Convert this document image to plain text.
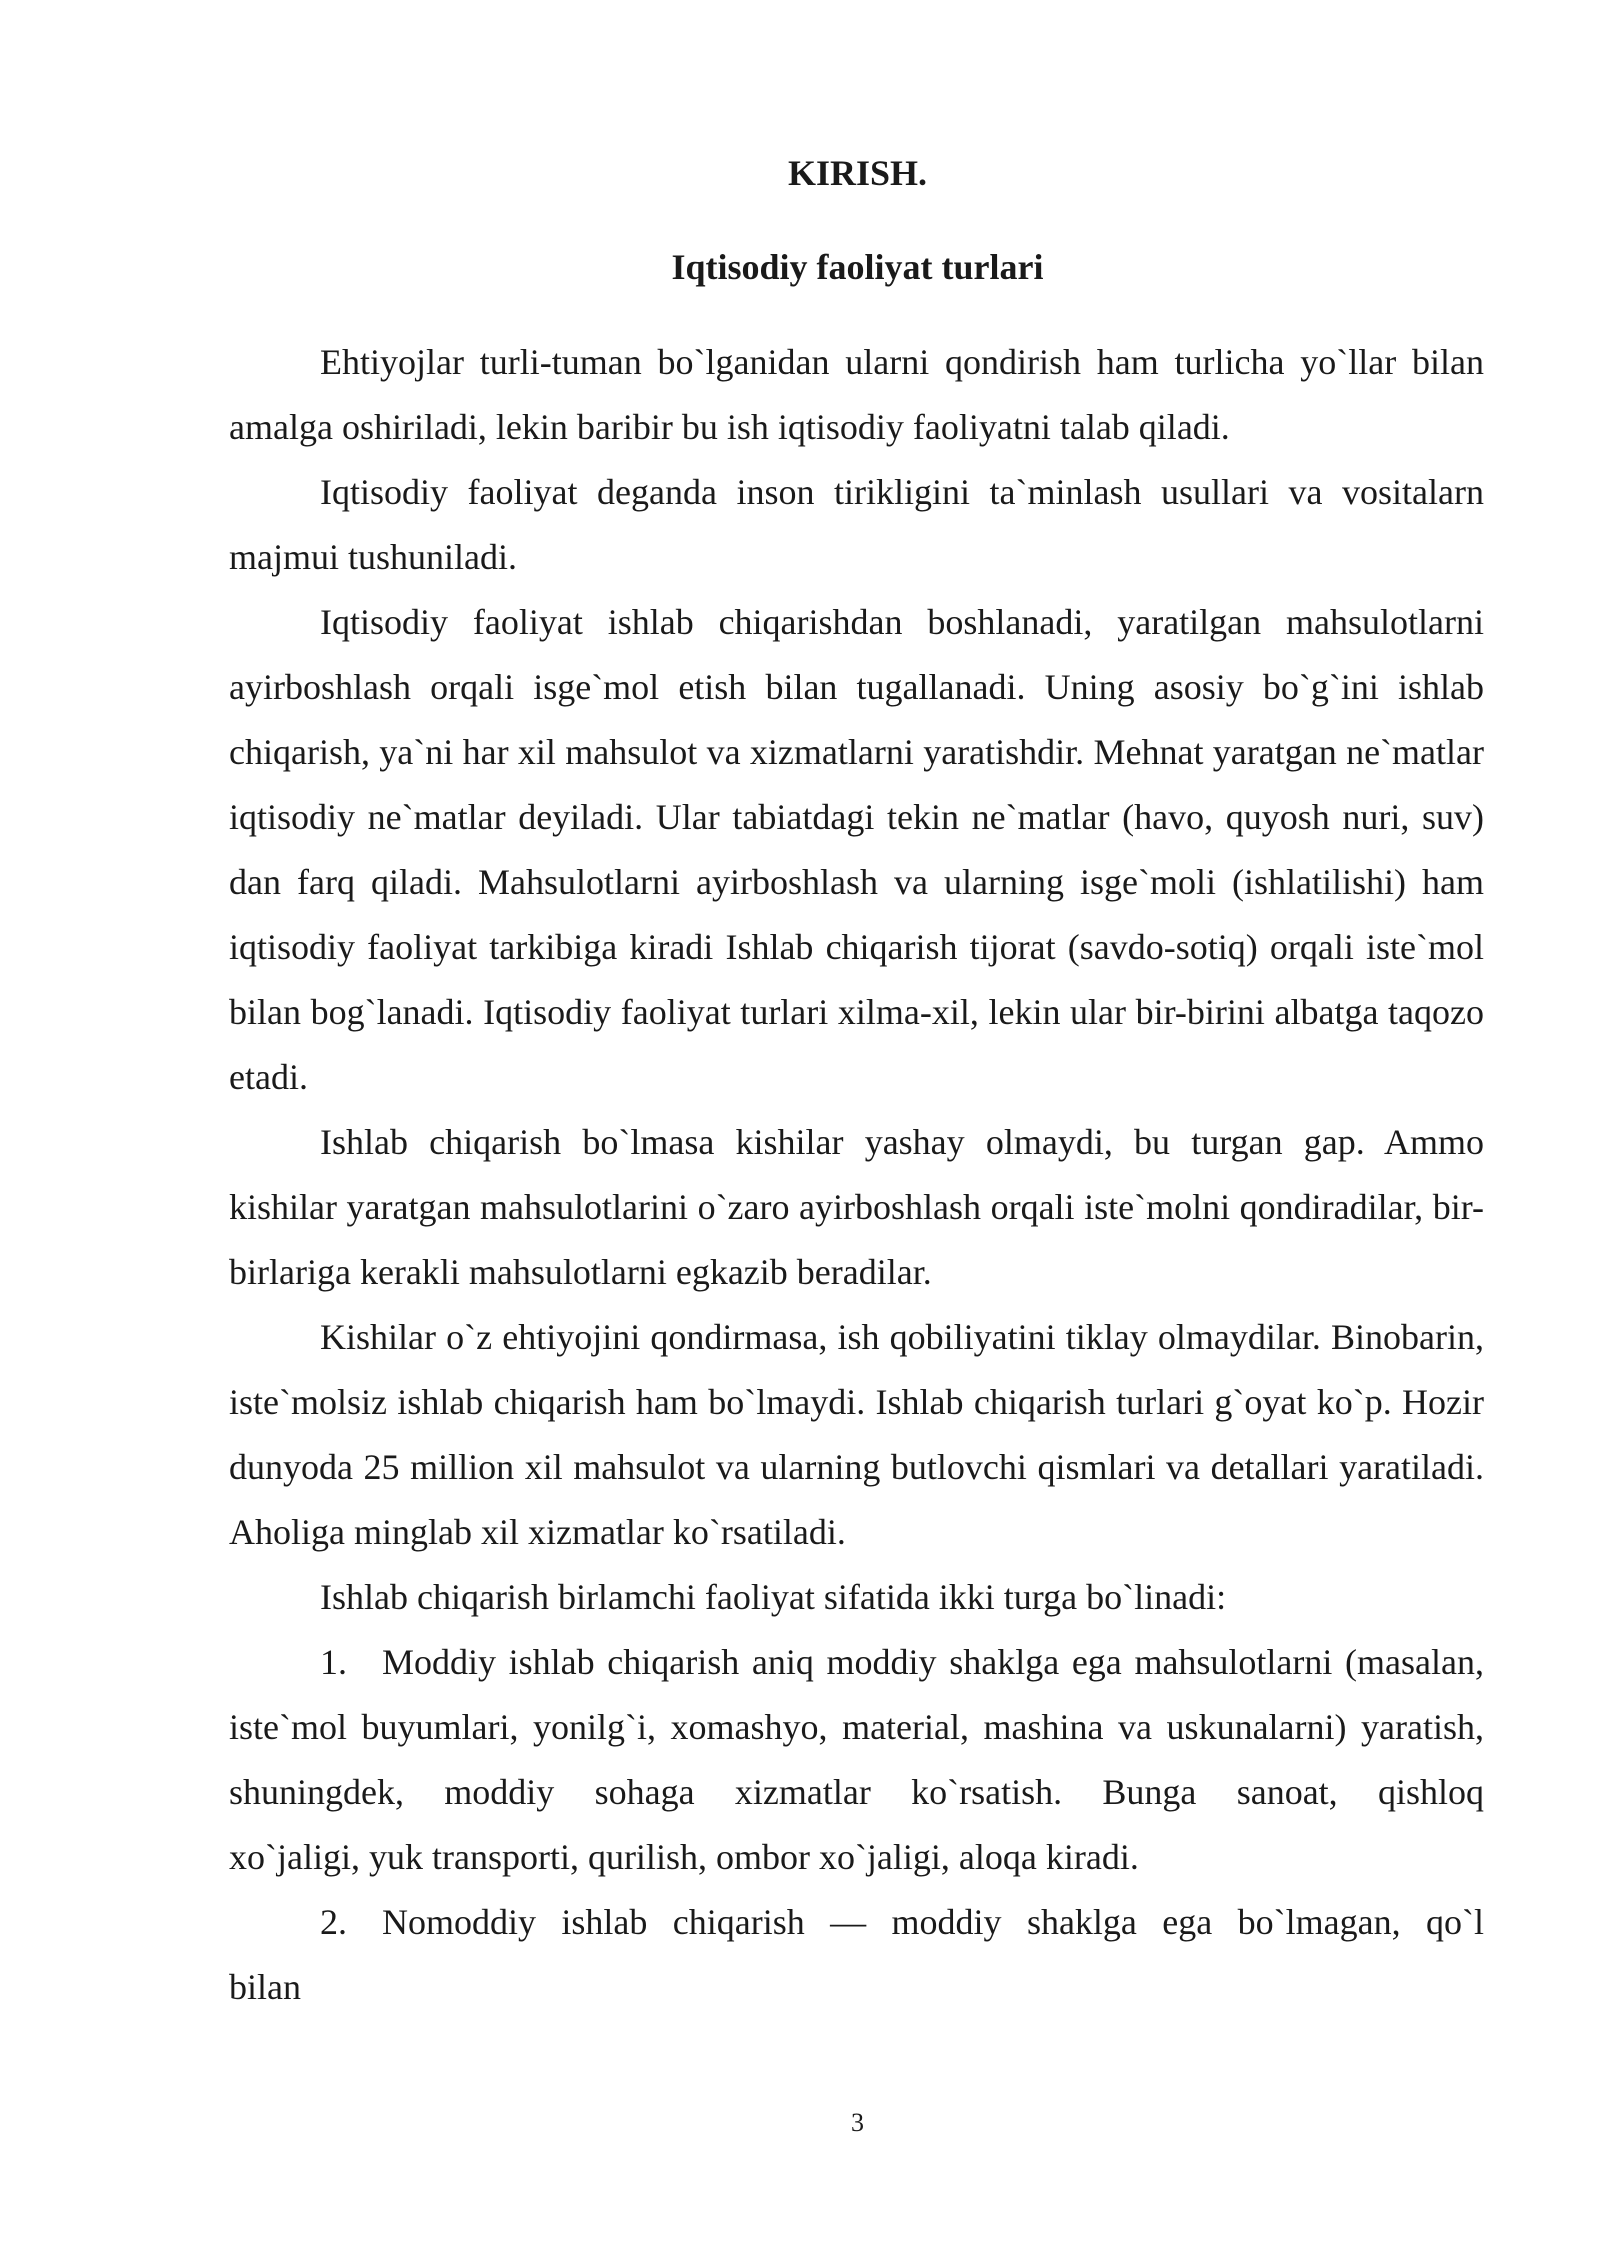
KIRISH.
Iqtisodiy faoliyat turlari

Ehtiyojlar turli-tuman bo`lganidan ularni qondirish ham turlicha yo`llar bilan amalga oshiriladi, lekin baribir bu ish iqtisodiy faoliyatni talab qiladi.

Iqtisodiy faoliyat deganda inson tirikligini ta`minlash usullari va vositalarn majmui tushuniladi.

Iqtisodiy faoliyat ishlab chiqarishdan boshlanadi, yaratilgan mahsulotlarni ayirboshlash orqali isge`mol etish bilan tugallanadi. Uning asosiy bo`g`ini ishlab chiqarish, ya`ni har xil mahsulot va xizmatlarni yaratishdir. Mehnat yaratgan ne`matlar iqtisodiy ne`matlar deyiladi. Ular tabiatdagi tekin ne`matlar (havo, quyosh nuri, suv) dan farq qiladi. Mahsulotlarni ayirboshlash va ularning isge`moli (ishlatilishi) ham iqtisodiy faoliyat tarkibiga kiradi Ishlab chiqarish tijorat (savdo-sotiq) orqali iste`mol bilan bog`lanadi. Iqtisodiy faoliyat turlari xilma-xil, lekin ular bir-birini albatga taqozo etadi.

Ishlab chiqarish bo`lmasa kishilar yashay olmaydi, bu turgan gap. Ammo kishilar yaratgan mahsulotlarini o`zaro ayirboshlash orqali iste`molni qondiradilar, bir-birlariga kerakli mahsulotlarni egkazib beradilar.

Kishilar o`z ehtiyojini qondirmasa, ish qobiliyatini tiklay olmaydilar. Binobarin, iste`molsiz ishlab chiqarish ham bo`lmaydi. Ishlab chiqarish turlari g`oyat ko`p. Hozir dunyoda 25 million xil mahsulot va ularning butlovchi qismlari va detallari yaratiladi. Aholiga minglab xil xizmatlar ko`rsatiladi.

Ishlab chiqarish birlamchi faoliyat sifatida ikki turga bo`linadi:

1. Moddiy ishlab chiqarish aniq moddiy shaklga ega mahsulotlarni (masalan, iste`mol buyumlari, yonilg`i, xomashyo, material, mashina va uskunalarni) yaratish, shuningdek, moddiy sohaga xizmatlar ko`rsatish. Bunga sanoat, qishloq

xo`jaligi, yuk transporti, qurilish, ombor xo`jaligi, aloqa kiradi.

2. Nomoddiy ishlab chiqarish — moddiy shaklga ega bo`lmagan, qo`l

bilan

3
